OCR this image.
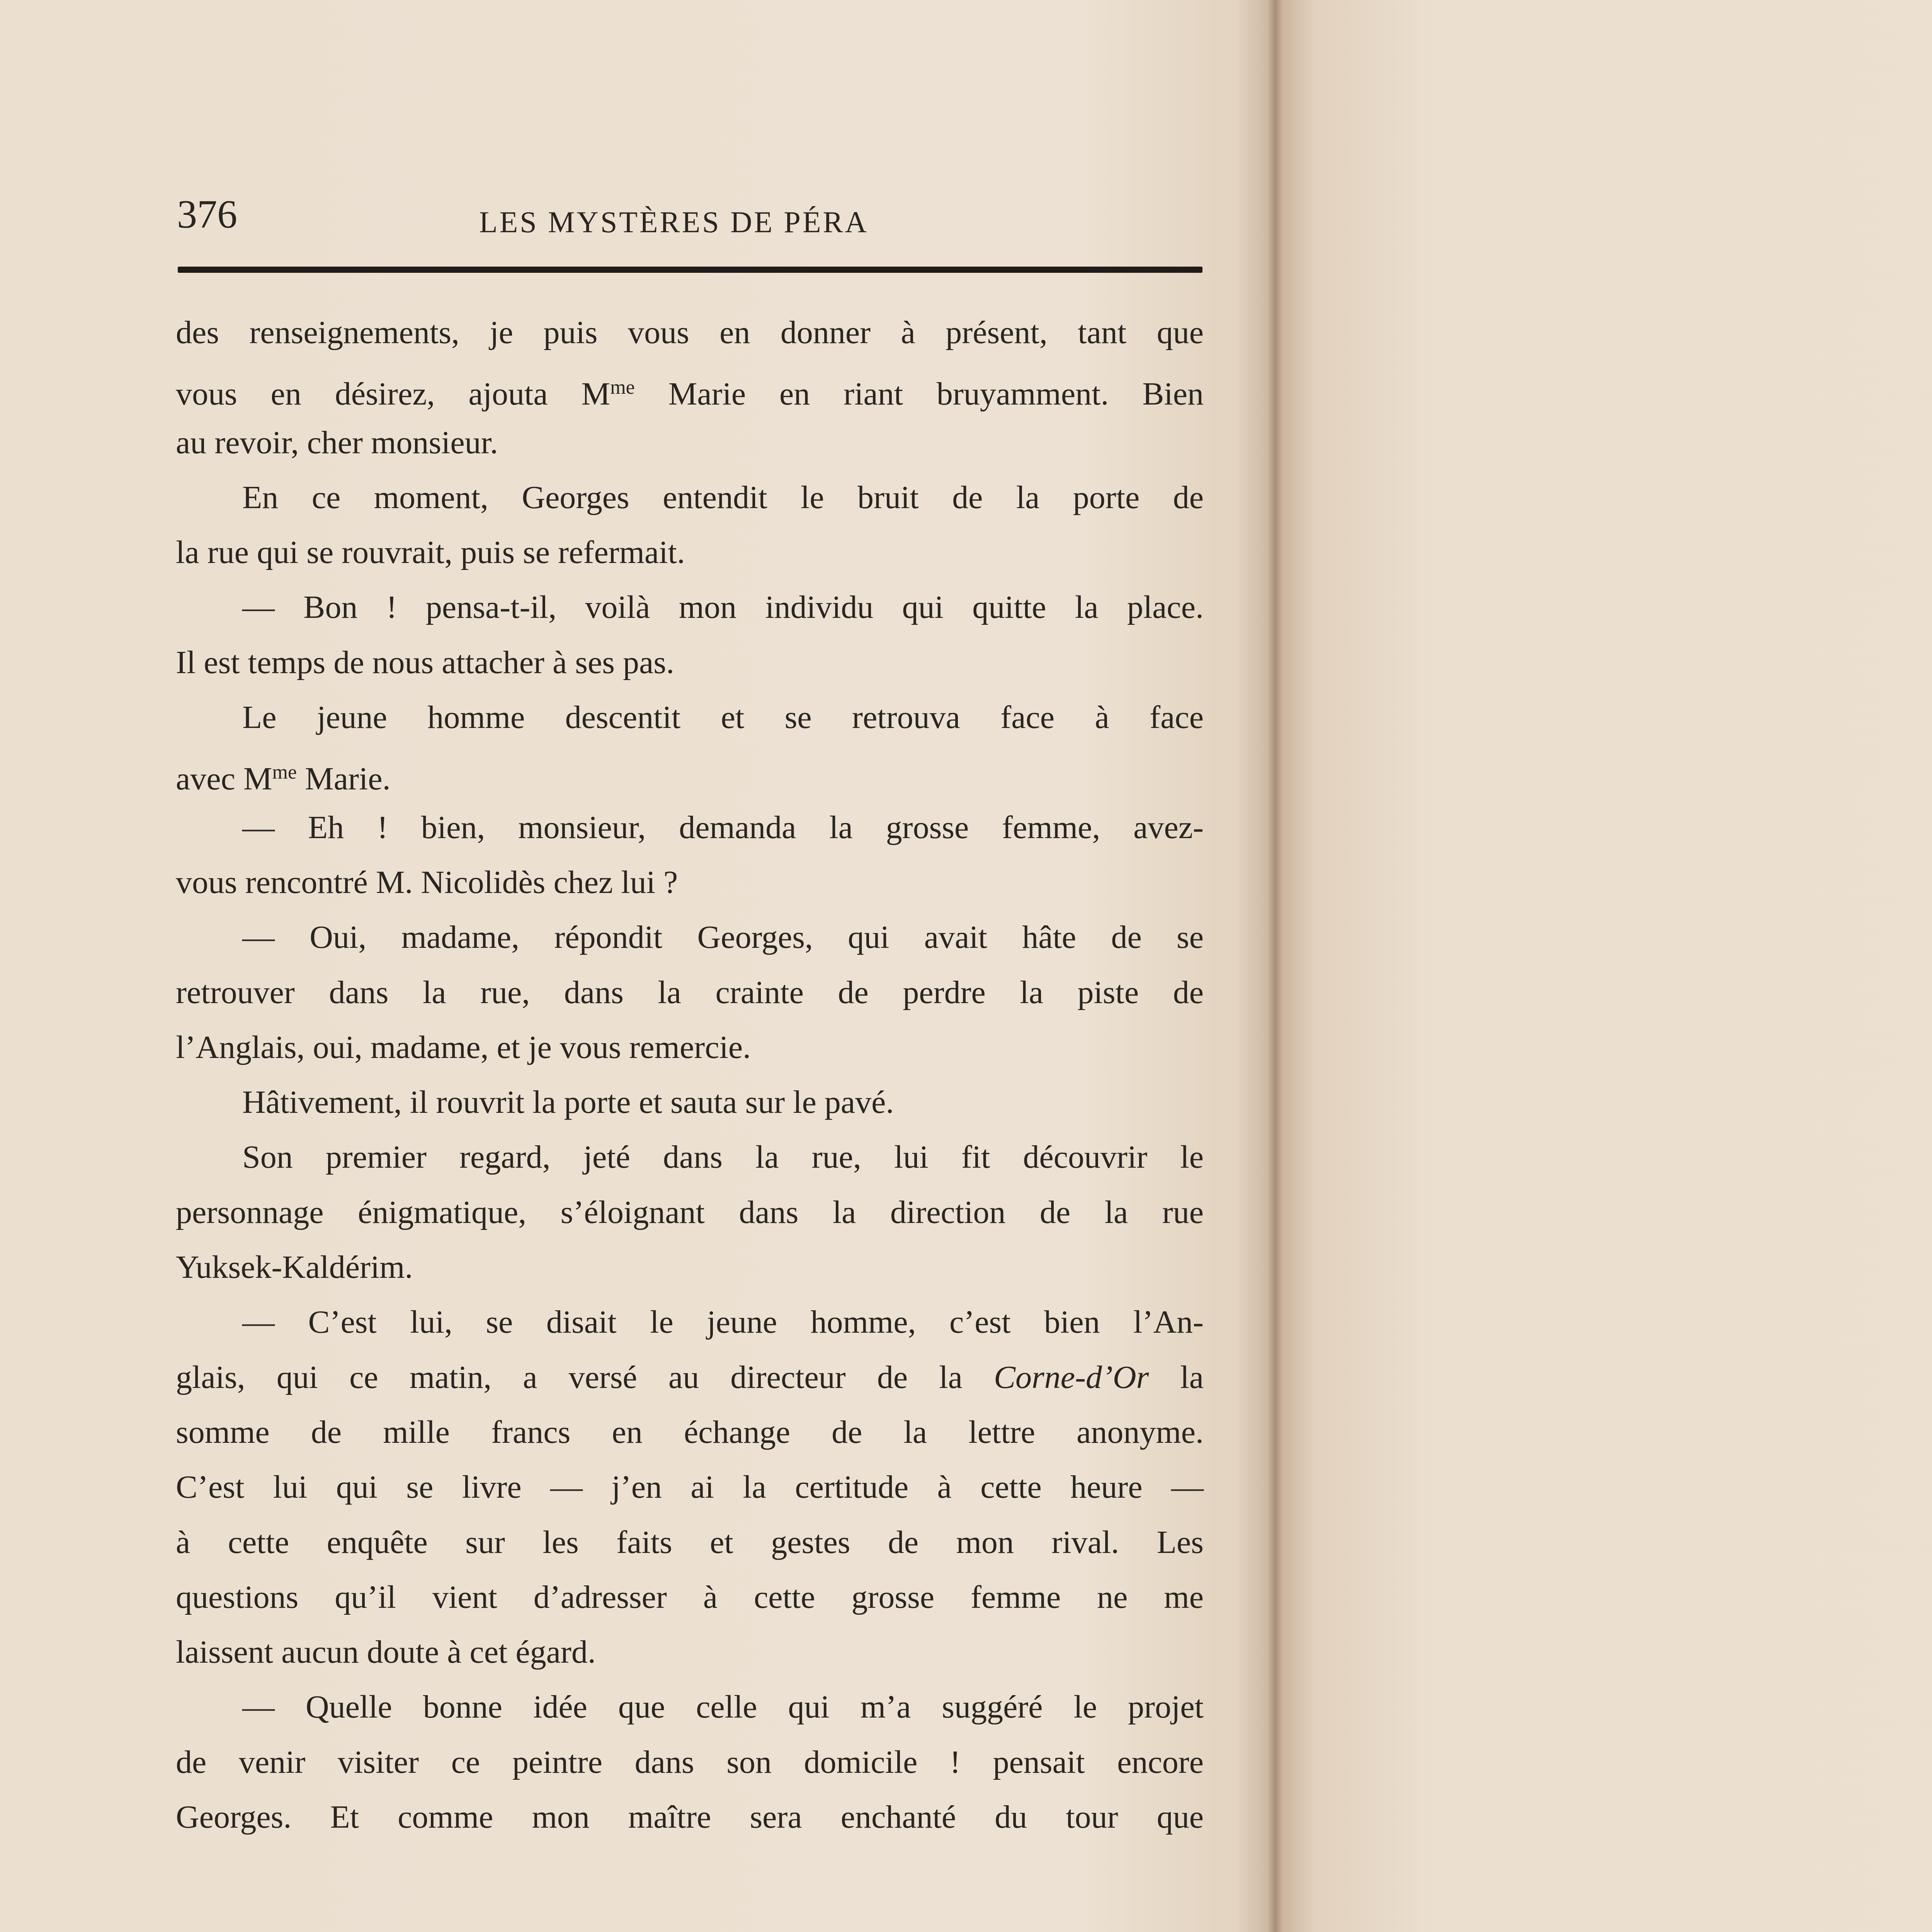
376	LES MYSTÈRES DE PÉRA
des renseignements, je puis vous en donner à présent, tant que
vous en désirez, ajouta $M^{me}$ Marie en riant bruyamment. Bien
au revoir, cher monsieur.
En ce moment, Georges entendit le bruit de la porte de
la rue qui se rouvrait, puis se refermait.
— Bon ! pensa-t-il, voilà mon individu qui quitte la place.
Il est temps de nous attacher à ses pas.
Le jeune homme descentit et se retrouva face à face
avec $M^{me}$ Marie.
— Eh ! bien, monsieur, demanda la grosse femme, avez-
vous rencontré M. Nicolidès chez lui ?
— Oui, madame, répondit Georges, qui avait hâte de se
retrouver dans la rue, dans la crainte de perdre la piste de
l’Anglais, oui, madame, et je vous remercie.
Hâtivement, il rouvrit la porte et sauta sur le pavé.
Son premier regard, jeté dans la rue, lui fit découvrir le
personnage énigmatique, s’éloignant dans la direction de la rue
Yuksek-Kaldérim.
— C’est lui, se disait le jeune homme, c’est bien l’An-
glais, qui ce matin, a versé au directeur de la Corne-d’Or la
somme de mille francs en échange de la lettre anonyme.
C’est lui qui se livre — j’en ai la certitude à cette heure —
à cette enquête sur les faits et gestes de mon rival. Les
questions qu’il vient d’adresser à cette grosse femme ne me
laissent aucun doute à cet égard.
— Quelle bonne idée que celle qui m’a suggéré le projet
de venir visiter ce peintre dans son domicile ! pensait encore
Georges. Et comme mon maître sera enchanté du tour que
